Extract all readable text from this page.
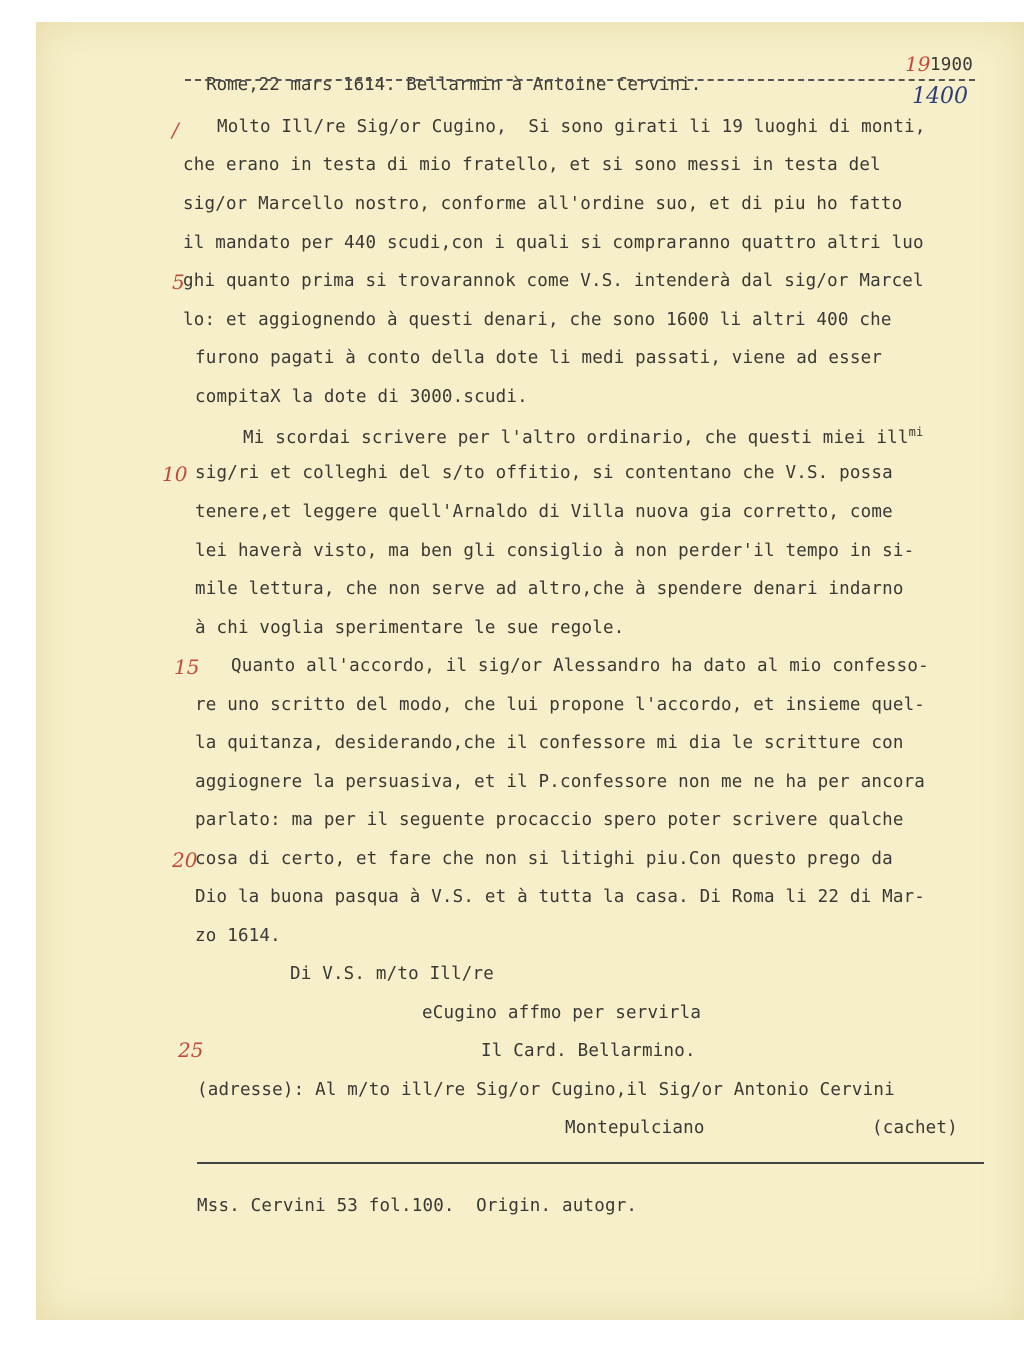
Rome,22 mars 1614. Bellarmin à Antoine Cervini.

1900
19
1400
/
5
10
15
20
25
Molto Ill/re Sig/or Cugino,  Si sono girati li 19 luoghi di monti,
che erano in testa di mio fratello, et si sono messi in testa del
sig/or Marcello nostro, conforme all'ordine suo, et di piu ho fatto
il mandato per 440 scudi,con i quali si compraranno quattro altri luo
ghi quanto prima si trovarannok come V.S. intenderà dal sig/or Marcel
lo: et aggiognendo à questi denari, che sono 1600 li altri 400 che
furono pagati à conto della dote li medi passati, viene ad esser
compitaX la dote di 3000.scudi.
Mi scordai scrivere per l'altro ordinario, che questi miei ill$^{mi}$
sig/ri et colleghi del s/to offitio, si contentano che V.S. possa
tenere,et leggere quell'Arnaldo di Villa nuova gia corretto, come
lei haverà visto, ma ben gli consiglio à non perder'il tempo in si-
mile lettura, che non serve ad altro,che à spendere denari indarno
à chi voglia sperimentare le sue regole.
Quanto all'accordo, il sig/or Alessandro ha dato al mio confesso-
re uno scritto del modo, che lui propone l'accordo, et insieme quel-
la quitanza, desiderando,che il confessore mi dia le scritture con
aggiognere la persuasiva, et il P.confessore non me ne ha per ancora
parlato: ma per il seguente procaccio spero poter scrivere qualche
cosa di certo, et fare che non si litighi piu.Con questo prego da
Dio la buona pasqua à V.S. et à tutta la casa. Di Roma li 22 di Mar-
zo 1614.
Di V.S. m/to Ill/re
eCugino affmo per servirla
Il Card. Bellarmino.
(adresse): Al m/to ill/re Sig/or Cugino,il Sig/or Antonio Cervini
Montepulciano	(cachet)
Mss. Cervini 53 fol.100.  Origin. autogr.
